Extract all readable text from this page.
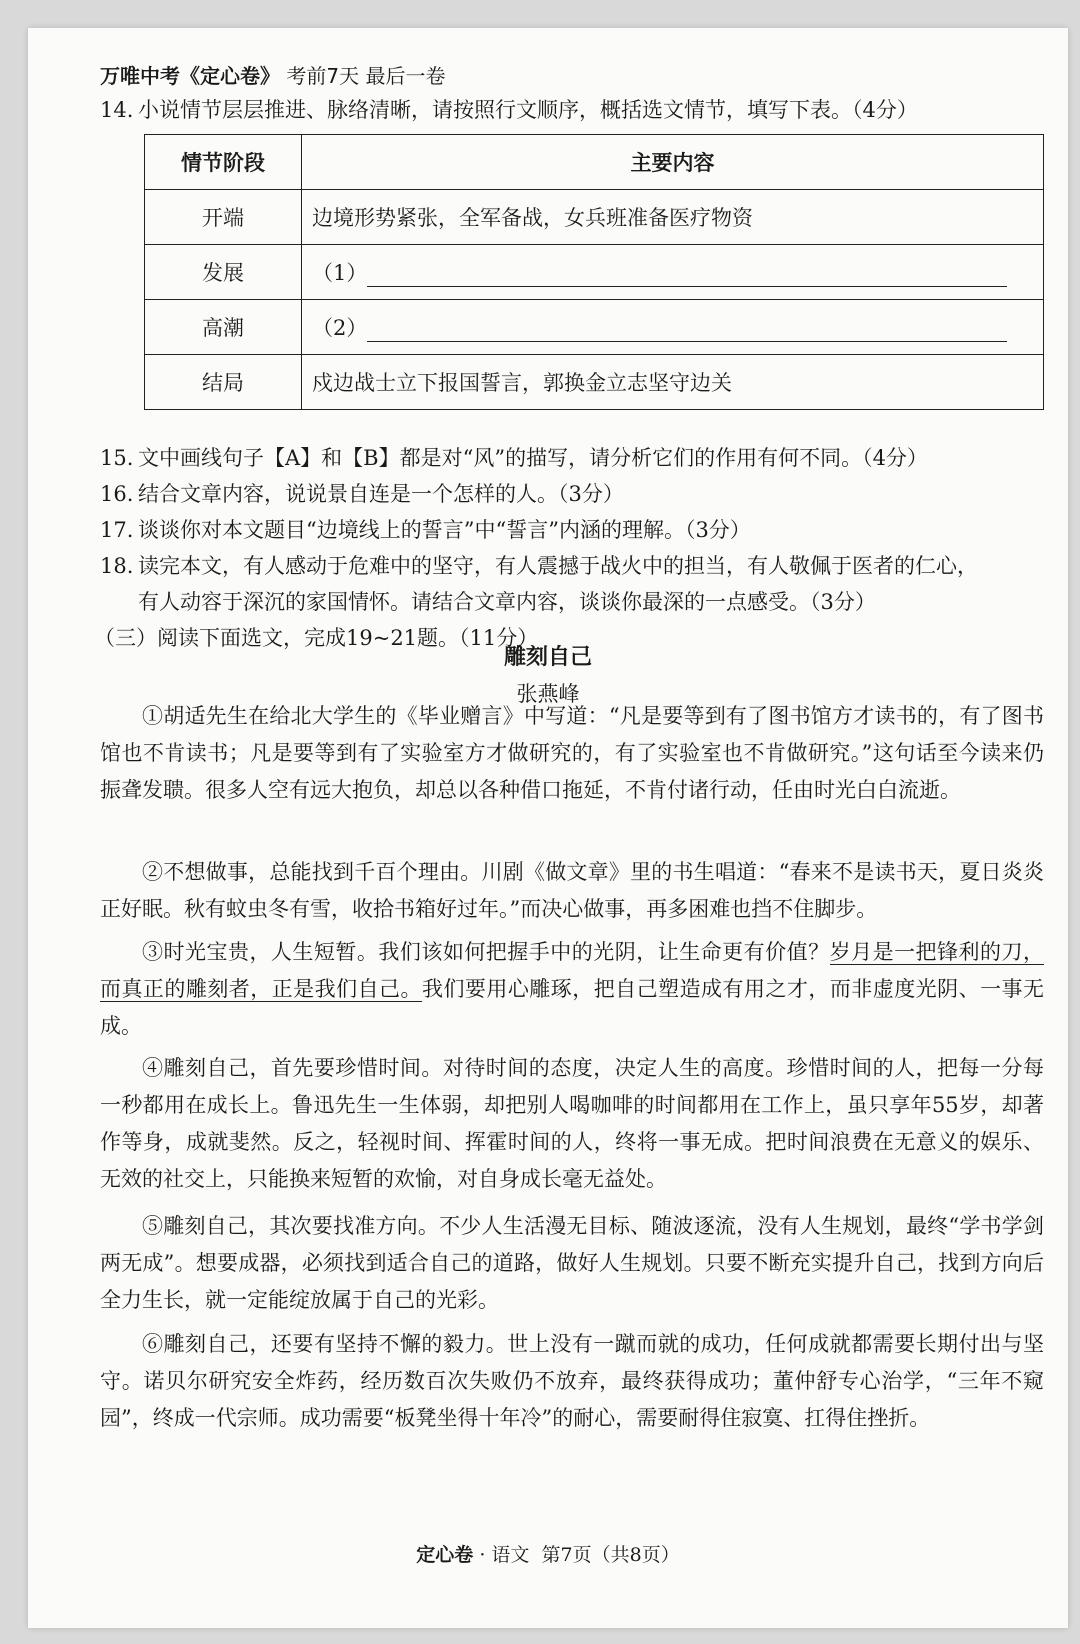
万唯中考《定心卷》 考前7天 最后一卷
14. 小说情节层层推进、脉络清晰，请按照行文顺序，概括选文情节，填写下表。（4分）
情节阶段	主要内容
开端	边境形势紧张，全军备战，女兵班准备医疗物资
发展	（1）
高潮	（2）
结局	戍边战士立下报国誓言，郭换金立志坚守边关
15. 文中画线句子【A】和【B】都是对“风”的描写，请分析它们的作用有何不同。（4分）
16. 结合文章内容，说说景自连是一个怎样的人。（3分）
17. 谈谈你对本文题目“边境线上的誓言”中“誓言”内涵的理解。（3分）
18. 读完本文，有人感动于危难中的坚守，有人震撼于战火中的担当，有人敬佩于医者的仁心，
有人动容于深沉的家国情怀。请结合文章内容，谈谈你最深的一点感受。（3分）
（三）阅读下面选文，完成19~21题。（11分）
雕刻自己
张燕峰

①胡适先生在给北大学生的《毕业赠言》中写道：“凡是要等到有了图书馆方才读书的，有了图书馆也不肯读书；凡是要等到有了实验室方才做研究的，有了实验室也不肯做研究。”这句话至今读来仍振聋发聩。很多人空有远大抱负，却总以各种借口拖延，不肯付诸行动，任由时光白白流逝。

②不想做事，总能找到千百个理由。川剧《做文章》里的书生唱道：“春来不是读书天，夏日炎炎正好眠。秋有蚊虫冬有雪，收拾书箱好过年。”而决心做事，再多困难也挡不住脚步。

③时光宝贵，人生短暂。我们该如何把握手中的光阴，让生命更有价值？岁月是一把锋利的刀，而真正的雕刻者，正是我们自己。我们要用心雕琢，把自己塑造成有用之才，而非虚度光阴、一事无成。

④雕刻自己，首先要珍惜时间。对待时间的态度，决定人生的高度。珍惜时间的人，把每一分每一秒都用在成长上。鲁迅先生一生体弱，却把别人喝咖啡的时间都用在工作上，虽只享年55岁，却著作等身，成就斐然。反之，轻视时间、挥霍时间的人，终将一事无成。把时间浪费在无意义的娱乐、无效的社交上，只能换来短暂的欢愉，对自身成长毫无益处。

⑤雕刻自己，其次要找准方向。不少人生活漫无目标、随波逐流，没有人生规划，最终“学书学剑两无成”。想要成器，必须找到适合自己的道路，做好人生规划。只要不断充实提升自己，找到方向后全力生长，就一定能绽放属于自己的光彩。

⑥雕刻自己，还要有坚持不懈的毅力。世上没有一蹴而就的成功，任何成就都需要长期付出与坚守。诺贝尔研究安全炸药，经历数百次失败仍不放弃，最终获得成功；董仲舒专心治学，“三年不窥园”，终成一代宗师。成功需要“板凳坐得十年冷”的耐心，需要耐得住寂寞、扛得住挫折。

定心卷 · 语文 第7页（共8页）
